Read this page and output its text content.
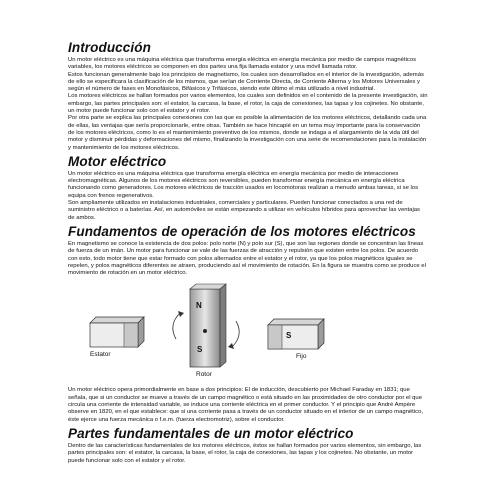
Introducción

Un motor eléctrico es una máquina eléctrica que transforma energía eléctrica en energía mecánica por medio de campos magnéticos variables, los motores eléctricos se componen en dos partes una fija llamada estator y una móvil llamada rotor.

Estos funcionan generalmente bajo los principios de magnetismo, los cuales son desarrollados en el interior de la investigación, además de ello se especificara la clasificación de los mismos, que serían de Corriente Directa, de Corriente Alterna y los Motores Universales y según el número de fases en Monofásicos, Bifásicos y Trifásicos, siendo este último el más utilizado a nivel industrial.

Los motores eléctricos se hallan formados por varios elementos, los cuales son definidos en el contenido de la presente investigación, sin embargo, las partes principales son: el estator, la carcasa, la base, el rotor, la caja de conexiones, las tapas y los cojinetes. No obstante, un motor puede funcionar solo con el estator y el rotor.

Por otra parte se explica las principales conexiones con las que es posible la alimentación de los motores eléctricos, detallando cada una de ellas, las ventajas que sería proporcionarle, entre otras. También se hace hincapié en un tema muy importante para la conservación de los motores eléctricos, como lo es el mantenimiento preventivo de los mismos, donde se indaga a el alargamiento de la vida útil del motor y disminuir pérdidas y deformaciones del mismo, finalizando la investigación con una serie de recomendaciones para la instalación y mantenimiento de los motores eléctricos.

Motor eléctrico

Un motor eléctrico es una máquina eléctrica que transforma energía eléctrica en energía mecánica por medio de interacciones electromagnéticas. Algunos de los motores eléctricos son reversibles, pueden transformar energía mecánica en energía eléctrica funcionando como generadores. Los motores eléctricos de tracción usados en locomotoras realizan a menudo ambas tareas, si se los equipa con frenos regenerativos.

Son ampliamente utilizados en instalaciones industriales, comerciales y particulares. Pueden funcionar conectados a una red de suministro eléctrico o a baterías. Así, en automóviles se están empezando a utilizar en vehículos híbridos para aprovechar las ventajas de ambos.

Fundamentos de operación de los motores eléctricos

En magnetismo se conoce la existencia de dos polos: polo norte (N) y polo sur (S), que son las regiones donde se concentran las líneas de fuerza de un imán. Un motor para funcionar se vale de las fuerzas de atracción y repulsión que existen entre los polos. De acuerdo con esto, todo motor tiene que estar formado con polos alternados entre el estator y el rotor, ya que los polos magnéticos iguales se repelen, y polos magnéticos diferentes se atraen, produciendo así el movimiento de rotación. En la figura se muestra como se produce el movimiento de rotación en un motor eléctrico.

N
S
S
Estator	Fijo
Rotor

Un motor eléctrico opera primordialmente en base a dos principios: El de inducción, descubierto por Michael Faraday en 1831; que señala, que si un conductor se mueve a través de un campo magnético o está situado en las proximidades de otro conductor por el que circula una corriente de intensidad variable, se induce una corriente eléctrica en el primer conductor. Y el principio que André Ampère observe en 1820, en el que establece: que si una corriente pasa a través de un conductor situado en el interior de un campo magnético, éste ejerce una fuerza mecánica o f.e.m. (fuerza electromotriz), sobre el conductor.

Partes fundamentales de un motor eléctrico

Dentro de las características fundamentales de los motores eléctricos, éstos se hallan formados por varios elementos, sin embargo, las partes principales son: el estator, la carcasa, la base, el rotor, la caja de conexiones, las tapas y los cojinetes. No obstante, un motor puede funcionar solo con el estator y el rotor.
